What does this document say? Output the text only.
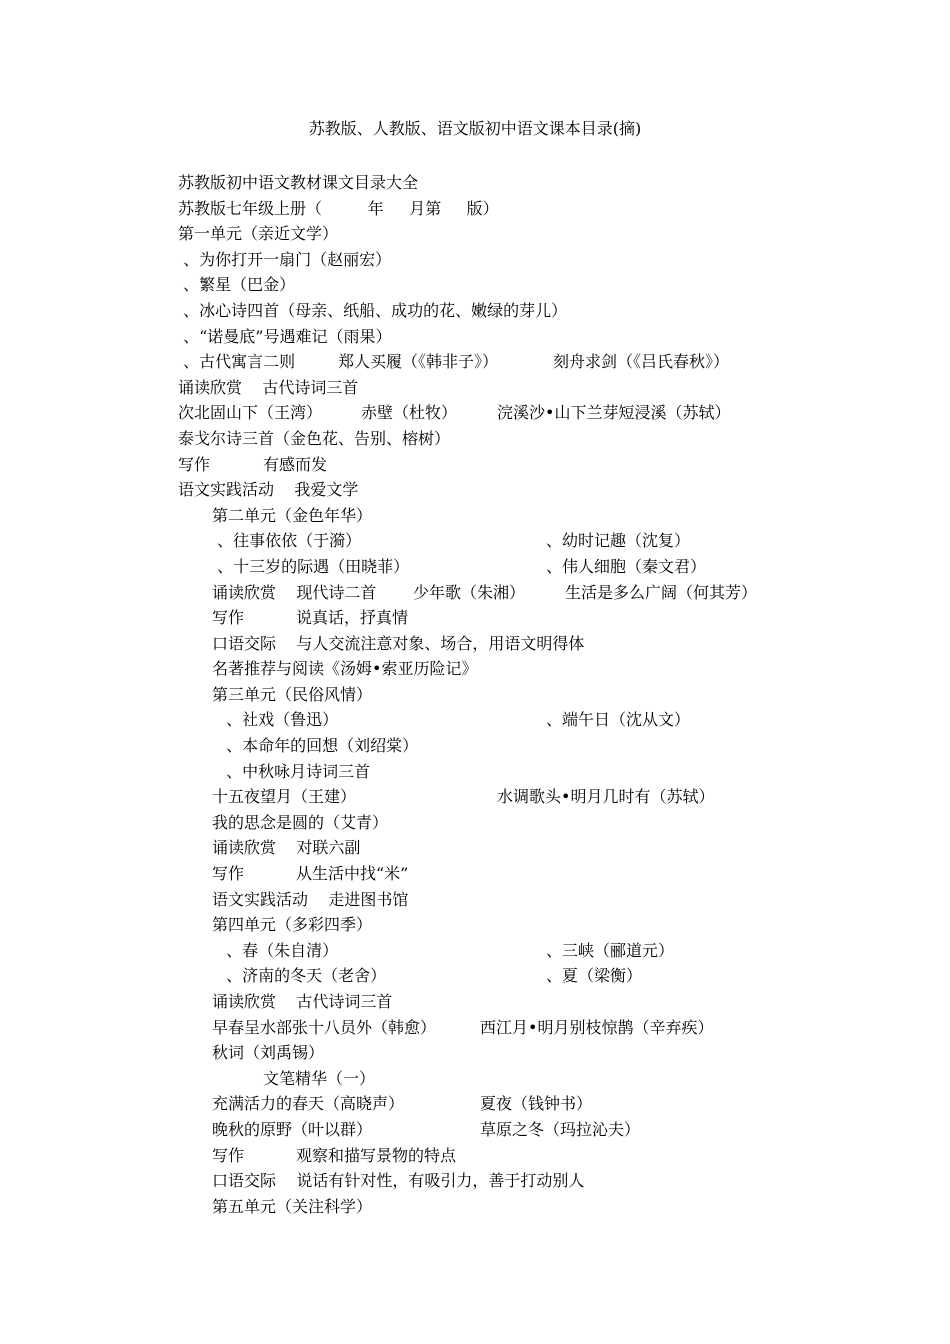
苏教版、人教版、语文版初中语文课本目录(摘)
苏教版初中语文教材课文目录大全
苏教版七年级上册（         年     月第     版）
第一单元（亲近文学）
、为你打开一扇门（赵丽宏）
、繁星（巴金）
、冰心诗四首（母亲、纸船、成功的花、嫩绿的芽儿）
、“诺曼底”号遇难记（雨果）
、古代寓言二则	郑人买履（《韩非子》）	刻舟求剑（《吕氏春秋》）
诵读欣赏    古代诗词三首
次北固山下（王湾） 赤壁（杜牧） 浣溪沙•山下兰芽短浸溪（苏轼）
泰戈尔诗三首（金色花、告别、榕树）
写作	有感而发
语文实践活动    我爱文学
第二单元（金色年华）
、往事依依（于漪）	、幼时记趣（沈复）
、十三岁的际遇（田晓菲）	、伟人细胞（秦文君）
诵读欣赏    现代诗二首 少年歌（朱湘） 生活是多么广阔（何其芳）
写作	说真话，抒真情
口语交际    与人交流注意对象、场合，用语文明得体
名著推荐与阅读《汤姆•索亚历险记》
第三单元（民俗风情）
、社戏（鲁迅）	、端午日（沈从文）
、本命年的回想（刘绍棠）
、中秋咏月诗词三首
十五夜望月（王建）	水调歌头•明月几时有（苏轼）
我的思念是圆的（艾青）
诵读欣赏    对联六副
写作	从生活中找“米”
语文实践活动    走进图书馆
第四单元（多彩四季）
、春（朱自清）	、三峡（郦道元）
、济南的冬天（老舍）	、夏（梁衡）
诵读欣赏    古代诗词三首
早春呈水部张十八员外（韩愈）	西江月•明月别枝惊鹊（辛弃疾）
秋词（刘禹锡）
文笔精华（一）
充满活力的春天（高晓声）	夏夜（钱钟书）
晚秋的原野（叶以群）	草原之冬（玛拉沁夫）
写作	观察和描写景物的特点
口语交际    说话有针对性，有吸引力，善于打动别人
第五单元（关注科学）
